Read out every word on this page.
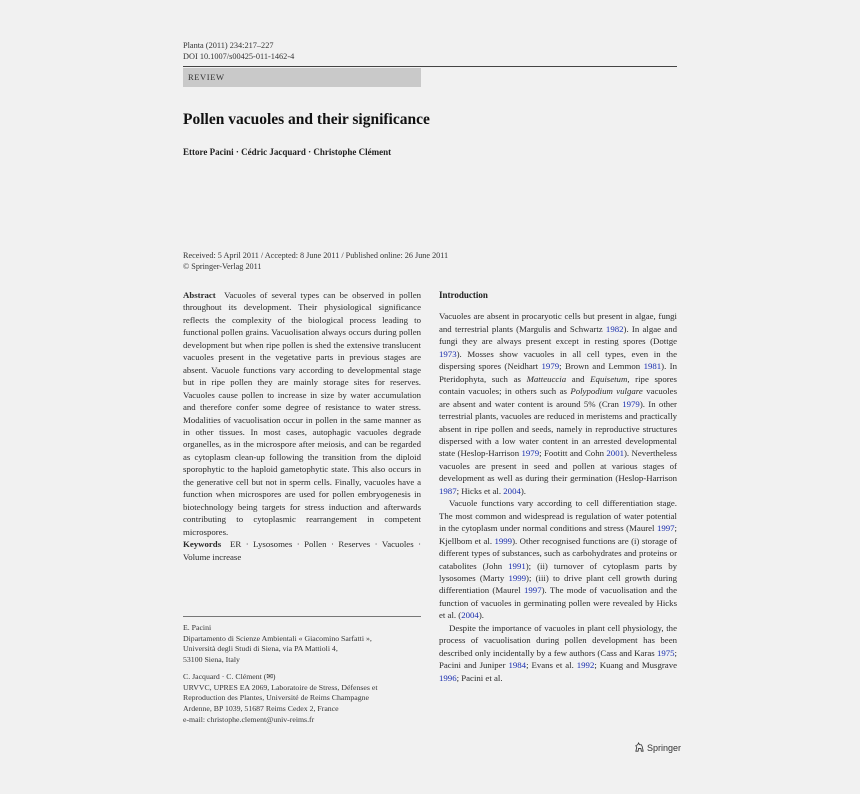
Planta (2011) 234:217–227
DOI 10.1007/s00425-011-1462-4
REVIEW
Pollen vacuoles and their significance
Ettore Pacini · Cédric Jacquard · Christophe Clément
Received: 5 April 2011 / Accepted: 8 June 2011 / Published online: 26 June 2011
© Springer-Verlag 2011

Abstract Vacuoles of several types can be observed in pollen throughout its development. Their physiological significance reflects the complexity of the biological process leading to functional pollen grains. Vacuolisation always occurs during pollen development but when ripe pollen is shed the extensive translucent vacuoles present in the vegetative parts in previous stages are absent. Vacuole functions vary according to developmental stage but in ripe pollen they are mainly storage sites for reserves. Vacuoles cause pollen to increase in size by water accumulation and therefore confer some degree of resistance to water stress. Modalities of vacuolisation occur in pollen in the same manner as in other tissues. In most cases, autophagic vacuoles degrade organelles, as in the microspore after meiosis, and can be regarded as cytoplasm clean-up following the transition from the diploid sporophytic to the haploid gametophytic state. This also occurs in the generative cell but not in sperm cells. Finally, vacuoles have a function when microspores are used for pollen embryogenesis in biotechnology being targets for stress induction and afterwards contributing to cytoplasmic rearrangement in competent microspores.

Keywords ER · Lysosomes · Pollen · Reserves · Vacuoles · Volume increase

E. Pacini
Dipartamento di Scienze Ambientali « Giacomino Sarfatti »,
Università degli Studi di Siena, via PA Mattioli 4,
53100 Siena, Italy
C. Jacquard · C. Clément (✉)
URVVC, UPRES EA 2069, Laboratoire de Stress, Défenses et
Reproduction des Plantes, Université de Reims Champagne
Ardenne, BP 1039, 51687 Reims Cedex 2, France
e-mail: christophe.clement@univ-reims.fr
Introduction

Vacuoles are absent in procaryotic cells but present in algae, fungi and terrestrial plants (Margulis and Schwartz 1982). In algae and fungi they are always present except in resting spores (Dottge 1973). Mosses show vacuoles in all cell types, even in the dispersing spores (Neidhart 1979; Brown and Lemmon 1981). In Pteridophyta, such as Matteuccia and Equisetum, ripe spores contain vacuoles; in others such as Polypodium vulgare vacuoles are absent and water content is around 5% (Cran 1979). In other terrestrial plants, vacuoles are reduced in meristems and practically absent in ripe pollen and seeds, namely in reproductive structures dispersed with a low water content in an arrested developmental state (Heslop-Harrison 1979; Footitt and Cohn 2001). Nevertheless vacuoles are present in seed and pollen at various stages of development as well as during their germination (Heslop-Harrison 1987; Hicks et al. 2004).

Vacuole functions vary according to cell differentiation stage. The most common and widespread is regulation of water potential in the cytoplasm under normal conditions and stress (Maurel 1997; Kjellbom et al. 1999). Other recognised functions are (i) storage of different types of substances, such as carbohydrates and proteins or catabolites (John 1991); (ii) turnover of cytoplasm parts by lysosomes (Marty 1999); (iii) to drive plant cell growth during differentiation (Maurel 1997). The mode of vacuolisation and the function of vacuoles in germinating pollen were revealed by Hicks et al. (2004).

Despite the importance of vacuoles in plant cell physiology, the process of vacuolisation during pollen development has been described only incidentally by a few authors (Cass and Karas 1975; Pacini and Juniper 1984; Evans et al. 1992; Kuang and Musgrave 1996; Pacini et al.

Springer
